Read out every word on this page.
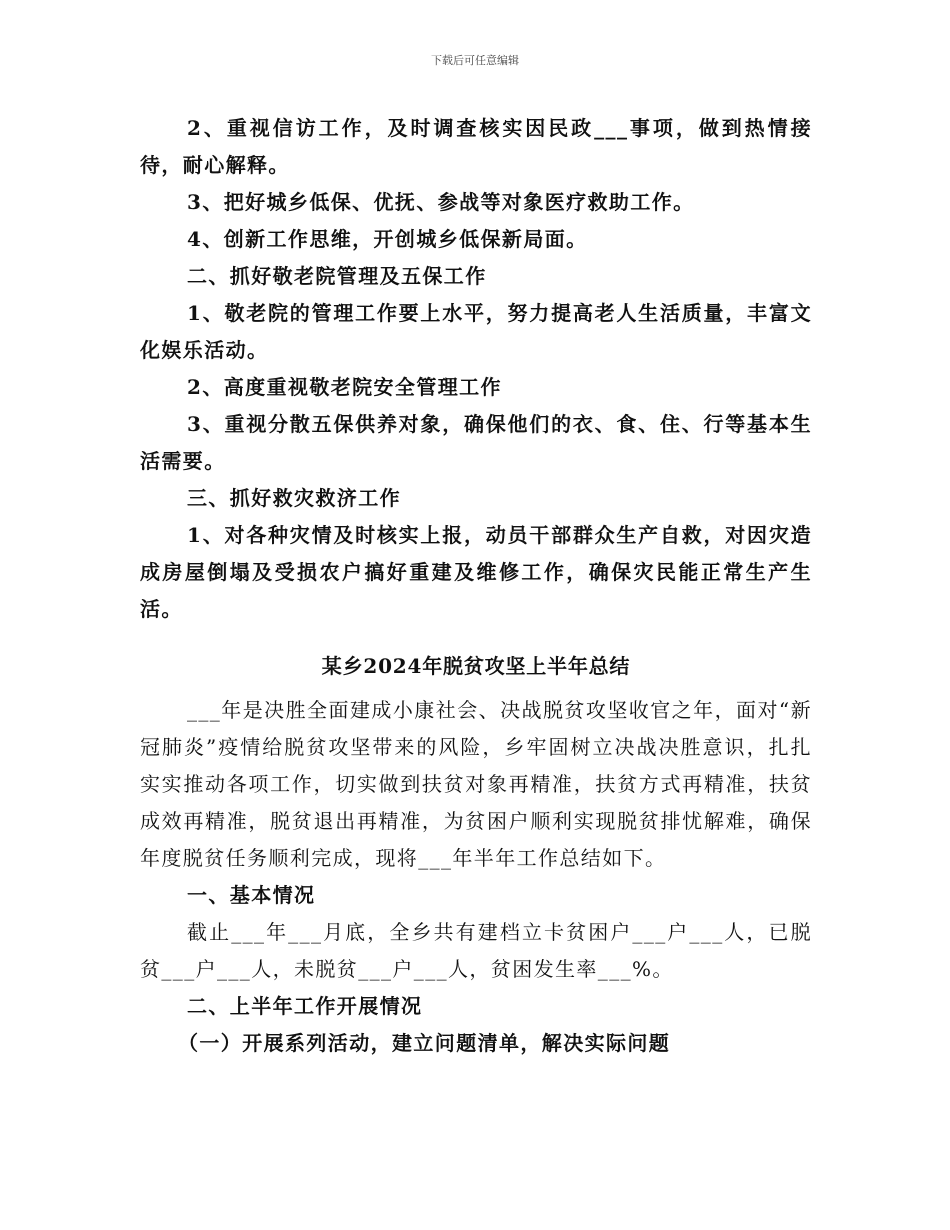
下载后可任意编辑

2、重视信访工作，及时调查核实因民政___事项，做到热情接待，耐心解释。

3、把好城乡低保、优抚、参战等对象医疗救助工作。

4、创新工作思维，开创城乡低保新局面。

二、抓好敬老院管理及五保工作

1、敬老院的管理工作要上水平，努力提高老人生活质量，丰富文化娱乐活动。

2、高度重视敬老院安全管理工作

3、重视分散五保供养对象，确保他们的衣、食、住、行等基本生活需要。

三、抓好救灾救济工作

1、对各种灾情及时核实上报，动员干部群众生产自救，对因灾造成房屋倒塌及受损农户搞好重建及维修工作，确保灾民能正常生产生活。

某乡2024年脱贫攻坚上半年总结

___年是决胜全面建成小康社会、决战脱贫攻坚收官之年，面对“新冠肺炎”疫情给脱贫攻坚带来的风险，乡牢固树立决战决胜意识，扎扎实实推动各项工作，切实做到扶贫对象再精准，扶贫方式再精准，扶贫成效再精准，脱贫退出再精准，为贫困户顺利实现脱贫排忧解难，确保年度脱贫任务顺利完成，现将___年半年工作总结如下。

一、基本情况

截止___年___月底，全乡共有建档立卡贫困户___户___人，已脱贫___户___人，未脱贫___户___人，贫困发生率___%。

二、上半年工作开展情况

（一）开展系列活动，建立问题清单，解决实际问题
